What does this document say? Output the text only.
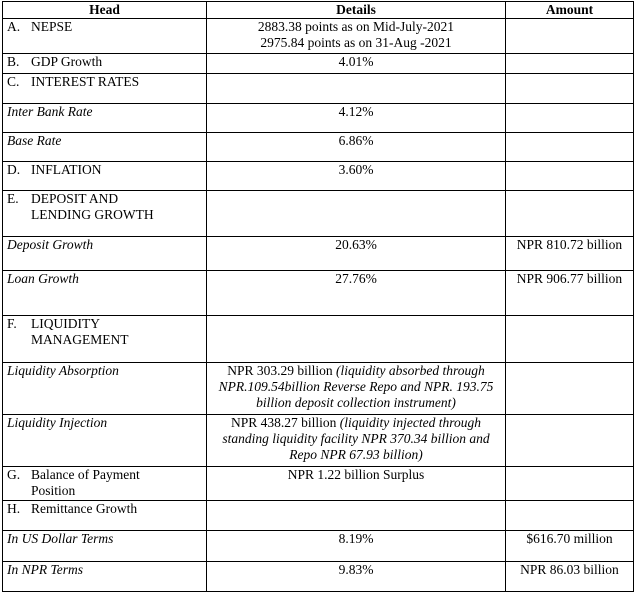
Head	Details	Amount
A. NEPSE	2883.38 points as on Mid-July-2021
2975.84 points as on 31-Aug -2021	

B. GDP Growth	4.01%	
C. INTEREST RATES		
Inter Bank Rate	4.12%	
Base Rate	6.86%	
D. INFLATION	3.60%	
E. DEPOSIT AND LENDING GROWTH		
Deposit Growth	20.63%	NPR 810.72 billion
Loan Growth	27.76%	NPR 906.77 billion
F. LIQUIDITY MANAGEMENT		
Liquidity Absorption	NPR 303.29 billion (liquidity absorbed through NPR.109.54billion Reverse Repo and NPR. 193.75 billion deposit collection instrument)	
Liquidity Injection	NPR 438.27 billion (liquidity injected through standing liquidity facility NPR 370.34 billion and Repo NPR 67.93 billion)	
G. Balance of Payment Position	NPR 1.22 billion Surplus	
H. Remittance Growth		
In US Dollar Terms	8.19%	$616.70 million
In NPR Terms	9.83%	NPR 86.03 billion
